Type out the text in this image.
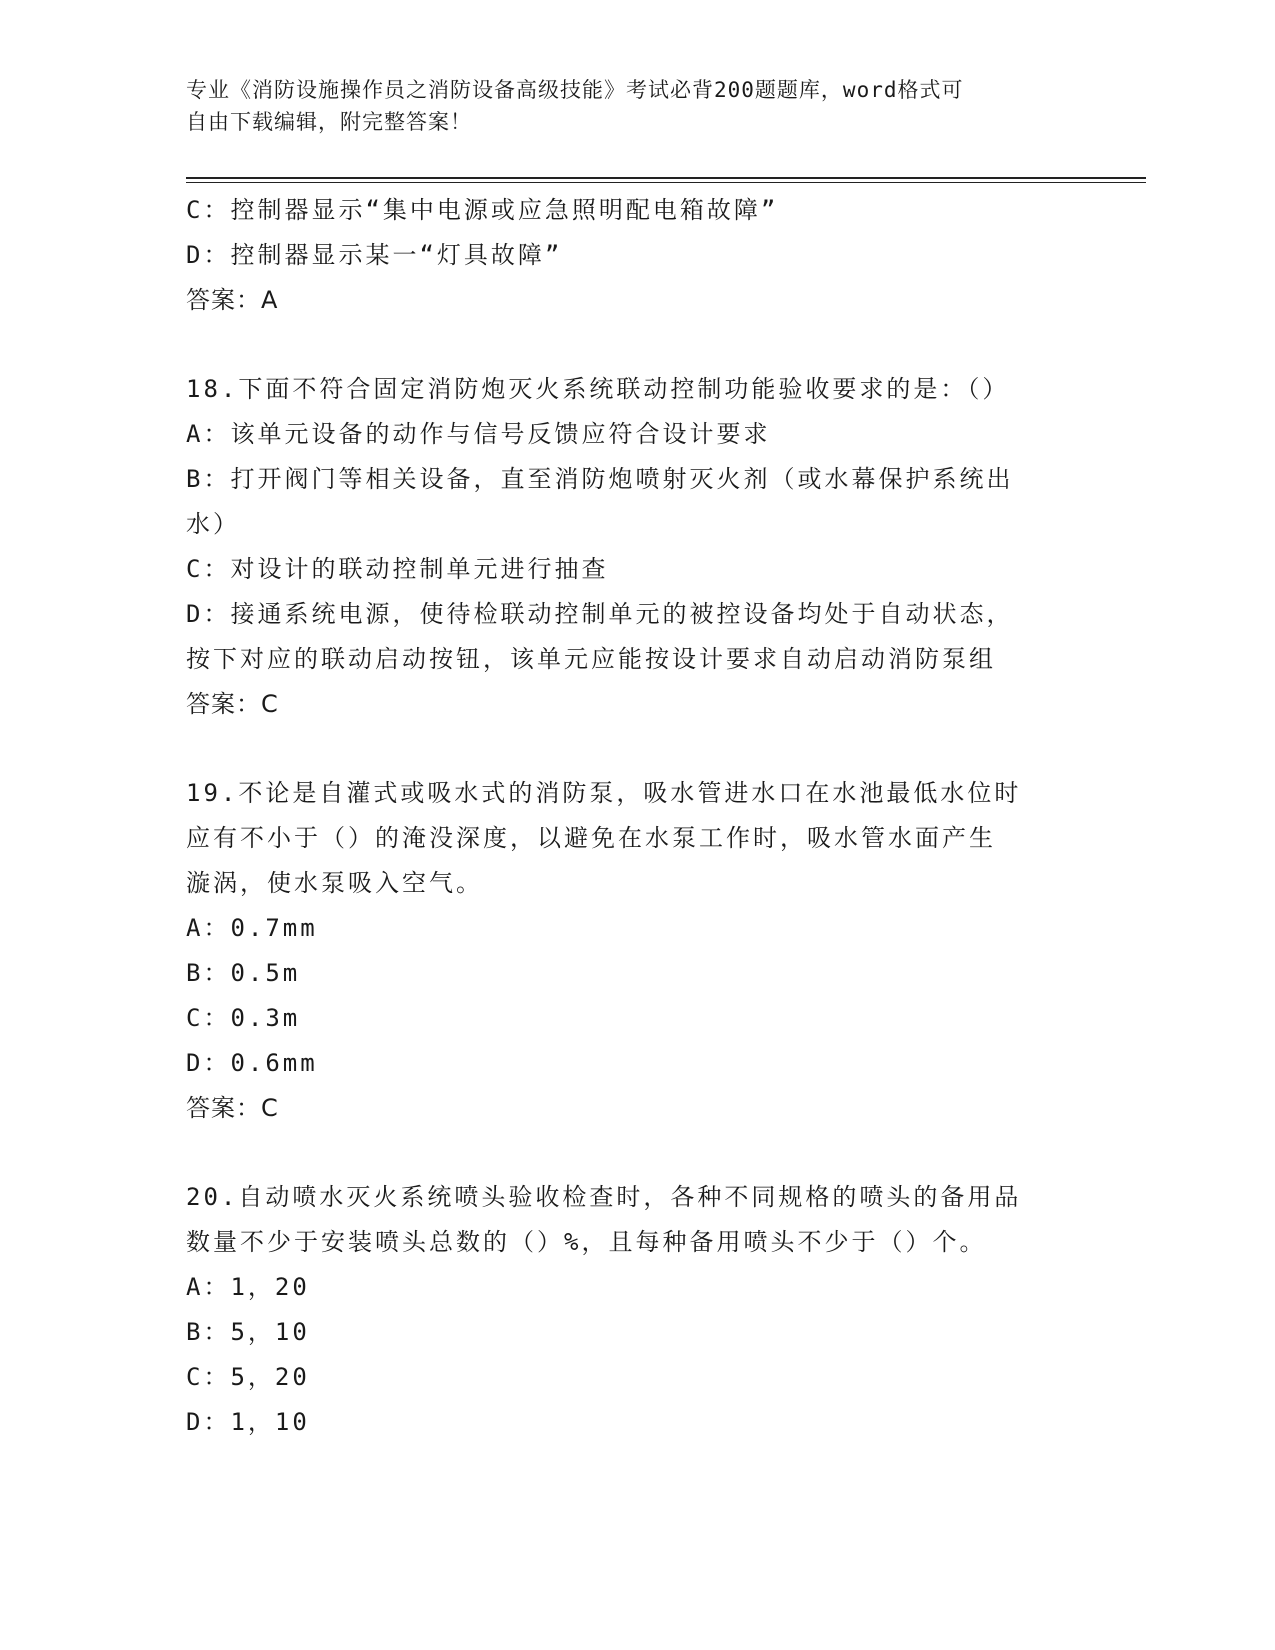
专业《消防设施操作员之消防设备高级技能》考试必背200题题库，word格式可
自由下载编辑，附完整答案！
C：控制器显示“集中电源或应急照明配电箱故障”
D：控制器显示某一“灯具故障”
答案：A
18.下面不符合固定消防炮灭火系统联动控制功能验收要求的是：（）
A：该单元设备的动作与信号反馈应符合设计要求
B：打开阀门等相关设备，直至消防炮喷射灭火剂（或水幕保护系统出
水）
C：对设计的联动控制单元进行抽查
D：接通系统电源，使待检联动控制单元的被控设备均处于自动状态，
按下对应的联动启动按钮，该单元应能按设计要求自动启动消防泵组
答案：C
19.不论是自灌式或吸水式的消防泵，吸水管进水口在水池最低水位时
应有不小于（）的淹没深度，以避免在水泵工作时，吸水管水面产生
漩涡，使水泵吸入空气。
A：0.7mm
B：0.5m
C：0.3m
D：0.6mm
答案：C
20.自动喷水灭火系统喷头验收检查时，各种不同规格的喷头的备用品
数量不少于安装喷头总数的（）%，且每种备用喷头不少于（）个。
A：1，20
B：5，10
C：5，20
D：1，10
